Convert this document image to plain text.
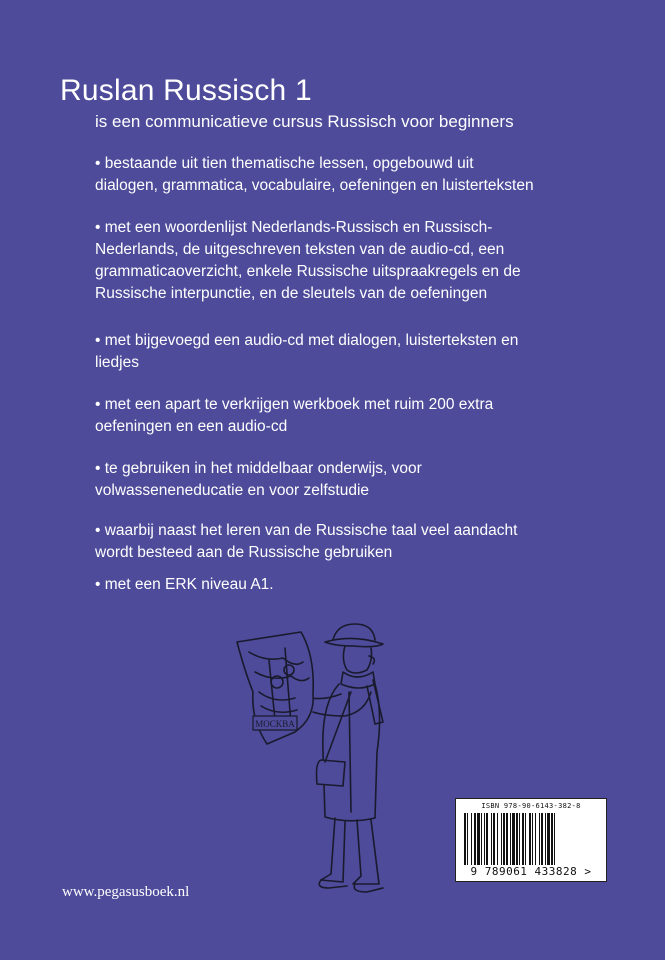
Ruslan Russisch 1
is een communicatieve cursus Russisch voor beginners
• bestaande uit tien thematische lessen, opgebouwd uit dialogen, grammatica, vocabulaire, oefeningen en luisterteksten
• met een woordenlijst Nederlands-Russisch en Russisch-Nederlands, de uitgeschreven teksten van de audio-cd, een grammaticaoverzicht, enkele Russische uitspraakregels en de Russische interpunctie, en de sleutels van de oefeningen
• met bijgevoegd een audio-cd met dialogen, luisterteksten en liedjes
• met een apart te verkrijgen werkboek met ruim 200 extra oefeningen en een audio-cd
• te gebruiken in het middelbaar onderwijs, voor volwasseneneducatie en voor zelfstudie
• waarbij naast het leren van de Russische taal veel aandacht wordt besteed aan de Russische gebruiken
• met een ERK niveau A1.
MOCKBA
www.pegasusboek.nl
ISBN 978-90-6143-382-8
9 789061 433828 >
